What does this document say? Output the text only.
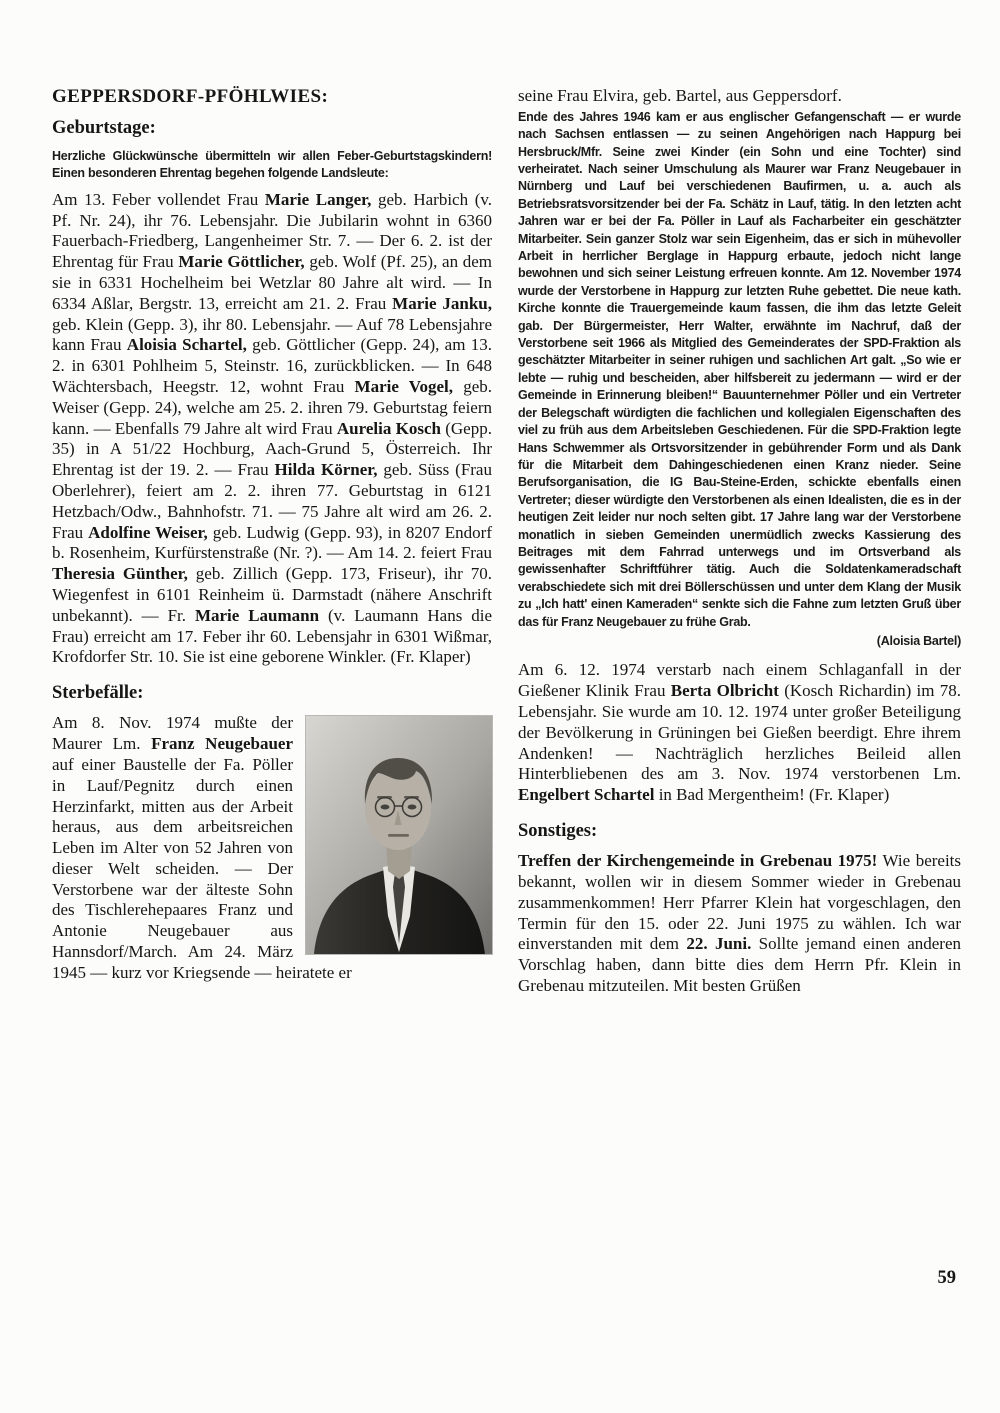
GEPPERSDORF-PFÖHLWIES:
Geburtstage:

Herzliche Glückwünsche übermitteln wir allen Feber-Geburtstagskindern! Einen besonderen Ehrentag begehen folgende Landsleute:

Am 13. Feber vollendet Frau Marie Langer, geb. Harbich (v. Pf. Nr. 24), ihr 76. Lebensjahr. Die Jubilarin wohnt in 6360 Fauerbach-Friedberg, Langenheimer Str. 7. — Der 6. 2. ist der Ehrentag für Frau Marie Göttlicher, geb. Wolf (Pf. 25), an dem sie in 6331 Hochelheim bei Wetzlar 80 Jahre alt wird. — In 6334 Aßlar, Bergstr. 13, erreicht am 21. 2. Frau Marie Janku, geb. Klein (Gepp. 3), ihr 80. Lebensjahr. — Auf 78 Lebensjahre kann Frau Aloisia Schartel, geb. Göttlicher (Gepp. 24), am 13. 2. in 6301 Pohlheim 5, Steinstr. 16, zurückblicken. — In 648 Wächtersbach, Heegstr. 12, wohnt Frau Marie Vogel, geb. Weiser (Gepp. 24), welche am 25. 2. ihren 79. Geburtstag feiern kann. — Ebenfalls 79 Jahre alt wird Frau Aurelia Kosch (Gepp. 35) in A 51/22 Hochburg, Aach-Grund 5, Österreich. Ihr Ehrentag ist der 19. 2. — Frau Hilda Körner, geb. Süss (Frau Oberlehrer), feiert am 2. 2. ihren 77. Geburtstag in 6121 Hetzbach/Odw., Bahnhofstr. 71. — 75 Jahre alt wird am 26. 2. Frau Adolfine Weiser, geb. Ludwig (Gepp. 93), in 8207 Endorf b. Rosenheim, Kurfürstenstraße (Nr. ?). — Am 14. 2. feiert Frau Theresia Günther, geb. Zillich (Gepp. 173, Friseur), ihr 70. Wiegenfest in 6101 Reinheim ü. Darmstadt (nähere Anschrift unbekannt). — Fr. Marie Laumann (v. Laumann Hans die Frau) erreicht am 17. Feber ihr 60. Lebensjahr in 6301 Wißmar, Krofdorfer Str. 10. Sie ist eine geborene Winkler. (Fr. Klaper)

Sterbefälle:

Am 8. Nov. 1974 mußte der Maurer Lm. Franz Neugebauer auf einer Baustelle der Fa. Pöller in Lauf/Pegnitz durch einen Herzinfarkt, mitten aus der Arbeit heraus, aus dem arbeitsreichen Leben im Alter von 52 Jahren von dieser Welt scheiden. — Der Verstorbene war der älteste Sohn des Tischlerehepaares Franz und Antonie Neugebauer aus Hannsdorf/March. Am 24. März 1945 — kurz vor Kriegsende — heiratete er

seine Frau Elvira, geb. Bartel, aus Geppersdorf.

Ende des Jahres 1946 kam er aus englischer Gefangenschaft — er wurde nach Sachsen entlassen — zu seinen Angehörigen nach Happurg bei Hersbruck/Mfr. Seine zwei Kinder (ein Sohn und eine Tochter) sind verheiratet. Nach seiner Umschulung als Maurer war Franz Neugebauer in Nürnberg und Lauf bei verschiedenen Baufirmen, u. a. auch als Betriebsratsvorsitzender bei der Fa. Schätz in Lauf, tätig. In den letzten acht Jahren war er bei der Fa. Pöller in Lauf als Facharbeiter ein geschätzter Mitarbeiter. Sein ganzer Stolz war sein Eigenheim, das er sich in mühevoller Arbeit in herrlicher Berglage in Happurg erbaute, jedoch nicht lange bewohnen und sich seiner Leistung erfreuen konnte. Am 12. November 1974 wurde der Verstorbene in Happurg zur letzten Ruhe gebettet. Die neue kath. Kirche konnte die Trauergemeinde kaum fassen, die ihm das letzte Geleit gab. Der Bürgermeister, Herr Walter, erwähnte im Nachruf, daß der Verstorbene seit 1966 als Mitglied des Gemeinderates der SPD-Fraktion als geschätzter Mitarbeiter in seiner ruhigen und sachlichen Art galt. „So wie er lebte — ruhig und bescheiden, aber hilfsbereit zu jedermann — wird er der Gemeinde in Erinnerung bleiben!“ Bauunternehmer Pöller und ein Vertreter der Belegschaft würdigten die fachlichen und kollegialen Eigenschaften des viel zu früh aus dem Arbeitsleben Geschiedenen. Für die SPD-Fraktion legte Hans Schwemmer als Ortsvorsitzender in gebührender Form und als Dank für die Mitarbeit dem Dahingeschiedenen einen Kranz nieder. Seine Berufsorganisation, die IG Bau-Steine-Erden, schickte ebenfalls einen Vertreter; dieser würdigte den Verstorbenen als einen Idealisten, die es in der heutigen Zeit leider nur noch selten gibt. 17 Jahre lang war der Verstorbene monatlich in sieben Gemeinden unermüdlich zwecks Kassierung des Beitrages mit dem Fahrrad unterwegs und im Ortsverband als gewissenhafter Schriftführer tätig. Auch die Soldatenkameradschaft verabschiedete sich mit drei Böllerschüssen und unter dem Klang der Musik zu „Ich hatt' einen Kameraden“ senkte sich die Fahne zum letzten Gruß über das für Franz Neugebauer zu frühe Grab.

(Aloisia Bartel)

Am 6. 12. 1974 verstarb nach einem Schlaganfall in der Gießener Klinik Frau Berta Olbricht (Kosch Richardin) im 78. Lebensjahr. Sie wurde am 10. 12. 1974 unter großer Beteiligung der Bevölkerung in Grüningen bei Gießen beerdigt. Ehre ihrem Andenken! — Nachträglich herzliches Beileid allen Hinterbliebenen des am 3. Nov. 1974 verstorbenen Lm. Engelbert Schartel in Bad Mergentheim! (Fr. Klaper)

Sonstiges:

Treffen der Kirchengemeinde in Grebenau 1975! Wie bereits bekannt, wollen wir in diesem Sommer wieder in Grebenau zusammenkommen! Herr Pfarrer Klein hat vorgeschlagen, den Termin für den 15. oder 22. Juni 1975 zu wählen. Ich war einverstanden mit dem 22. Juni. Sollte jemand einen anderen Vorschlag haben, dann bitte dies dem Herrn Pfr. Klein in Grebenau mitzuteilen. Mit besten Grüßen

59
